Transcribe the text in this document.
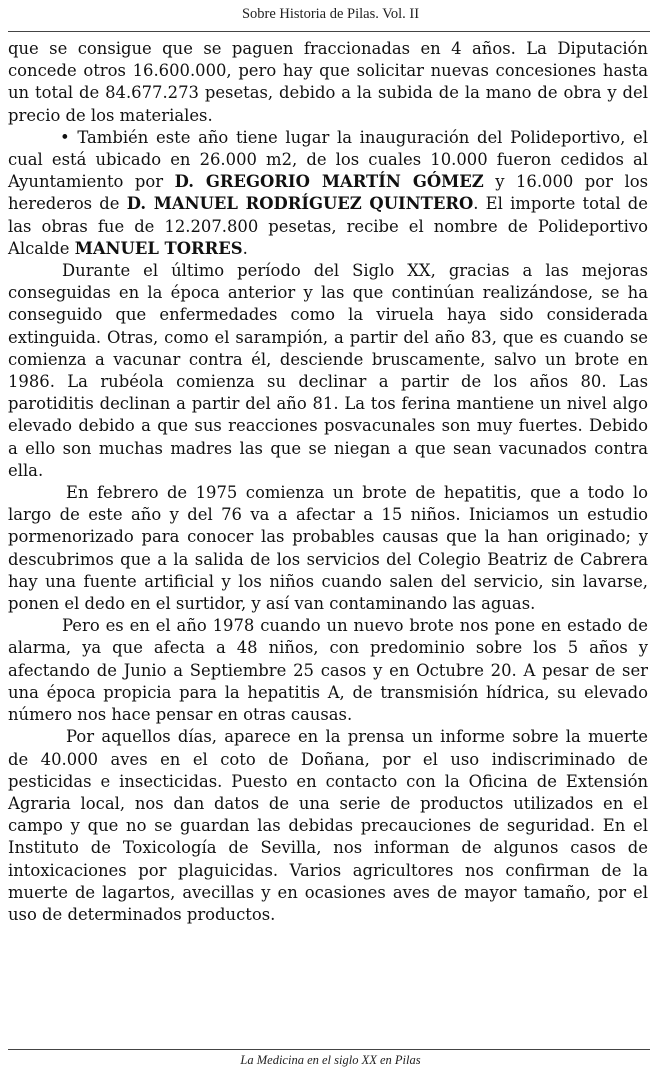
Sobre Historia de Pilas. Vol. II

que se consigue que se paguen fraccionadas en 4 años. La Diputación concede otros 16.600.000, pero hay que solicitar nuevas concesiones hasta un total de 84.677.273 pesetas, debido a la subida de la mano de obra y del precio de los materiales.

• También este año tiene lugar la inauguración del Polideportivo, el cual está ubicado en 26.000 m2, de los cuales 10.000 fueron cedidos al Ayuntamiento por D. GREGORIO MARTÍN GÓMEZ y 16.000 por los herederos de D. MANUEL RODRÍGUEZ QUINTERO. El importe total de las obras fue de 12.207.800 pesetas, recibe el nombre de Polideportivo Alcalde MANUEL TORRES.

Durante el último período del Siglo XX, gracias a las mejoras conseguidas en la época anterior y las que continúan realizándose, se ha conseguido que enfermedades como la viruela haya sido considerada extinguida. Otras, como el sarampión, a partir del año 83, que es cuando se comienza a vacunar contra él, desciende bruscamente, salvo un brote en 1986. La rubéola comienza su declinar a partir de los años 80. Las parotiditis declinan a partir del año 81. La tos ferina mantiene un nivel algo elevado debido a que sus reacciones posvacunales son muy fuertes. Debido a ello son muchas madres las que se niegan a que sean vacunados contra ella.

En febrero de 1975 comienza un brote de hepatitis, que a todo lo largo de este año y del 76 va a afectar a 15 niños. Iniciamos un estudio pormenorizado para conocer las probables causas que la han originado; y descubrimos que a la salida de los servicios del Colegio Beatriz de Cabrera hay una fuente artificial y los niños cuando salen del servicio, sin lavarse, ponen el dedo en el surtidor, y así van contaminando las aguas.

Pero es en el año 1978 cuando un nuevo brote nos pone en estado de alarma, ya que afecta a 48 niños, con predominio sobre los 5 años y afectando de Junio a Septiembre 25 casos y en Octubre 20. A pesar de ser una época propicia para la hepatitis A, de transmisión hídrica, su elevado número nos hace pensar en otras causas.

Por aquellos días, aparece en la prensa un informe sobre la muerte de 40.000 aves en el coto de Doñana, por el uso indiscriminado de pesticidas e insecticidas. Puesto en contacto con la Oficina de Extensión Agraria local, nos dan datos de una serie de productos utilizados en el campo y que no se guardan las debidas precauciones de seguridad. En el Instituto de Toxicología de Sevilla, nos informan de algunos casos de intoxicaciones por plaguicidas. Varios agricultores nos confirman de la muerte de lagartos, avecillas y en ocasiones aves de mayor tamaño, por el uso de determinados productos.

La Medicina en el siglo XX en Pilas
